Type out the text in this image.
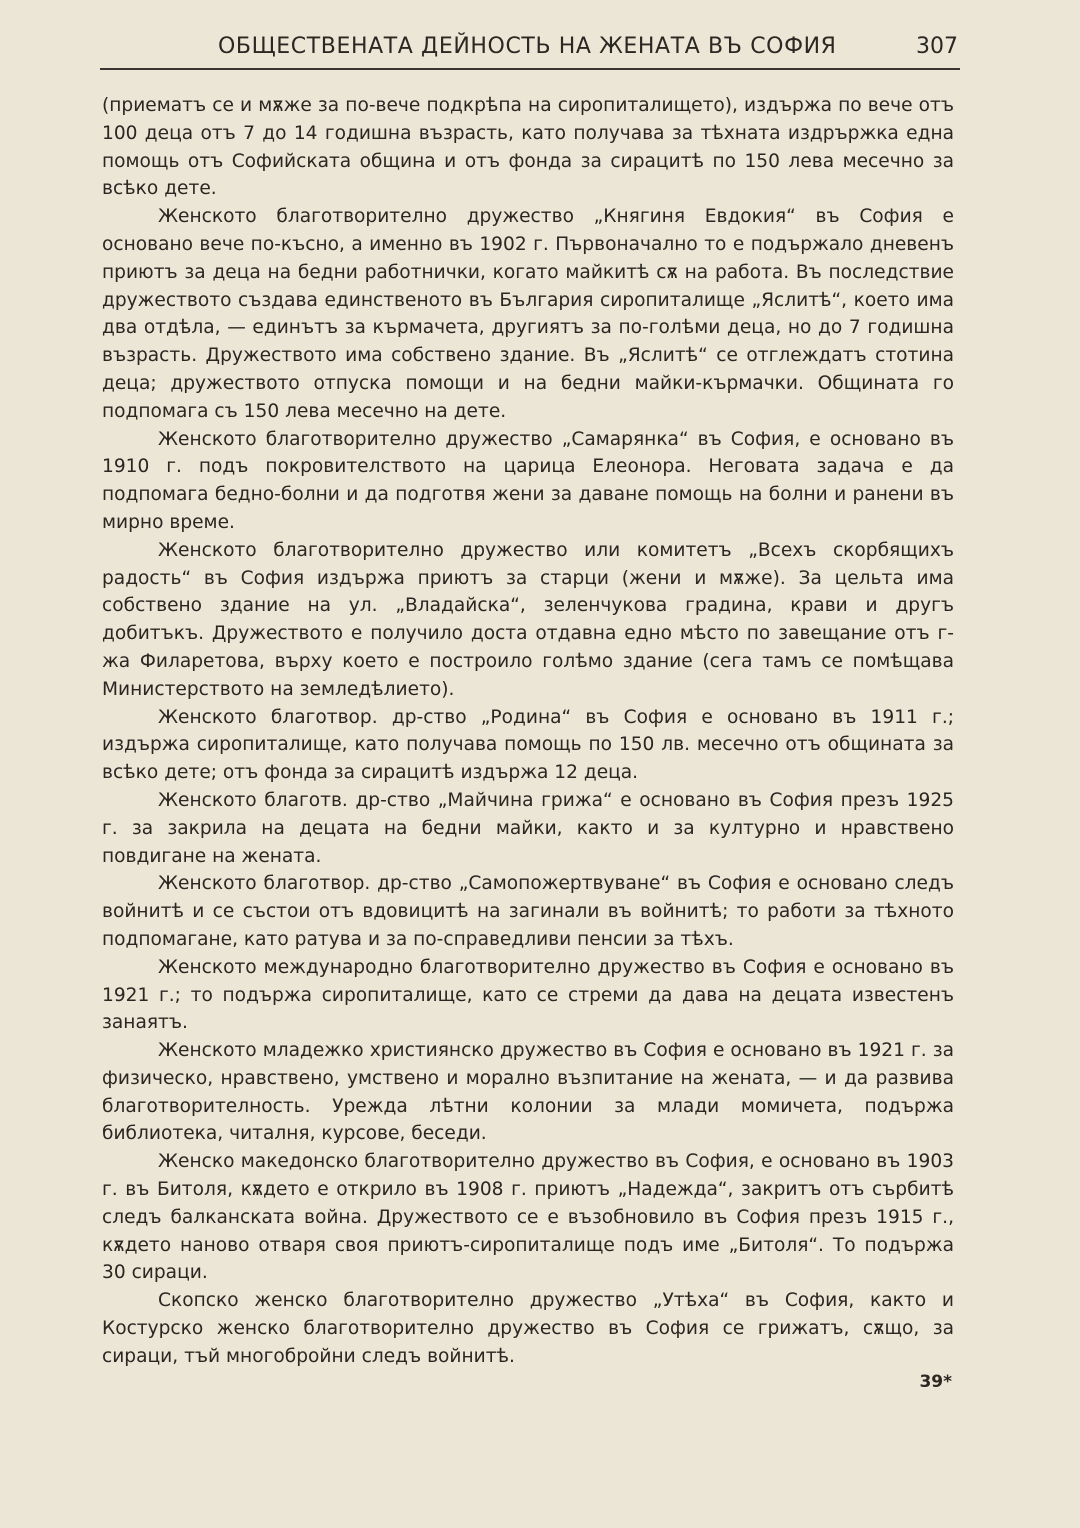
ОБЩЕСТВЕНАТА ДЕЙНОСТЬ НА ЖЕНАТА ВЪ СОФИЯ	307

(приематъ се и мѫже за по-вече подкрѣпа на сиропиталището), издържа по вече отъ 100 деца отъ 7 до 14 годишна възрасть, като получава за тѣхната издрържка една помощь отъ Софийската община и отъ фонда за сирацитѣ по 150 лева месечно за всѣко дете.

Женското благотворително дружество „Княгиня Евдокия“ въ София е основано вече по-късно, а именно въ 1902 г. Първоначално то е подържало дневенъ приютъ за деца на бедни работнички, когато майкитѣ сѫ на работа. Въ последствие дружеството създава единственото въ България сиропиталище „Яслитѣ“, което има два отдѣла, — единътъ за кърмачета, другиятъ за по-голѣми деца, но до 7 годишна възрасть. Дружеството има собствено здание. Въ „Яслитѣ“ се отглеждатъ стотина деца; дружеството отпуска помощи и на бедни майки-кърмачки. Общината го подпомага съ 150 лева месечно на дете.

Женското благотворително дружество „Самарянка“ въ София, е основано въ 1910 г. подъ покровителството на царица Елеонора. Неговата задача е да подпомага бедно-болни и да подготвя жени за даване помощь на болни и ранени въ мирно време.

Женското благотворително дружество или комитетъ „Всехъ скорбящихъ радость“ въ София издържа приютъ за старци (жени и мѫже). За цельта има собствено здание на ул. „Владайска“, зеленчукова градина, крави и другъ добитъкъ. Дружеството е получило доста отдавна едно мѣсто по завещание отъ г-жа Филаретова, върху което е построило голѣмо здание (сега тамъ се помѣщава Министерството на земледѣлието).

Женското благотвор. др-ство „Родина“ въ София е основано въ 1911 г.; издържа сиропиталище, като получава помощь по 150 лв. месечно отъ общината за всѣко дете; отъ фонда за сирацитѣ издържа 12 деца.

Женското благотв. др-ство „Майчина грижа“ е основано въ София презъ 1925 г. за закрила на децата на бедни майки, както и за културно и нравствено повдигане на жената.

Женското благотвор. др-ство „Самопожертвуване“ въ София е основано следъ войнитѣ и се състои отъ вдовицитѣ на загинали въ войнитѣ; то работи за тѣхното подпомагане, като ратува и за по-справедливи пенсии за тѣхъ.

Женското международно благотворително дружество въ София е основано въ 1921 г.; то подържа сиропиталище, като се стреми да дава на децата известенъ занаятъ.

Женското младежко християнско дружество въ София е основано въ 1921 г. за физическо, нравствено, умствено и морално възпитание на жената, — и да развива благотворителность. Урежда лѣтни колонии за млади момичета, подържа библиотека, читалня, курсове, беседи.

Женско македонско благотворително дружество въ София, е основано въ 1903 г. въ Битоля, кѫдето е открило въ 1908 г. приютъ „Надежда“, закритъ отъ сърбитѣ следъ балканската война. Дружеството се е възобновило въ София презъ 1915 г., кѫдето наново отваря своя приютъ-сиропиталище подъ име „Битоля“. То подържа 30 сираци.

Скопско женско благотворително дружество „Утѣха“ въ София, както и Костурско женско благотворително дружество въ София се грижатъ, сѫщо, за сираци, тъй многобройни следъ войнитѣ.

39*
